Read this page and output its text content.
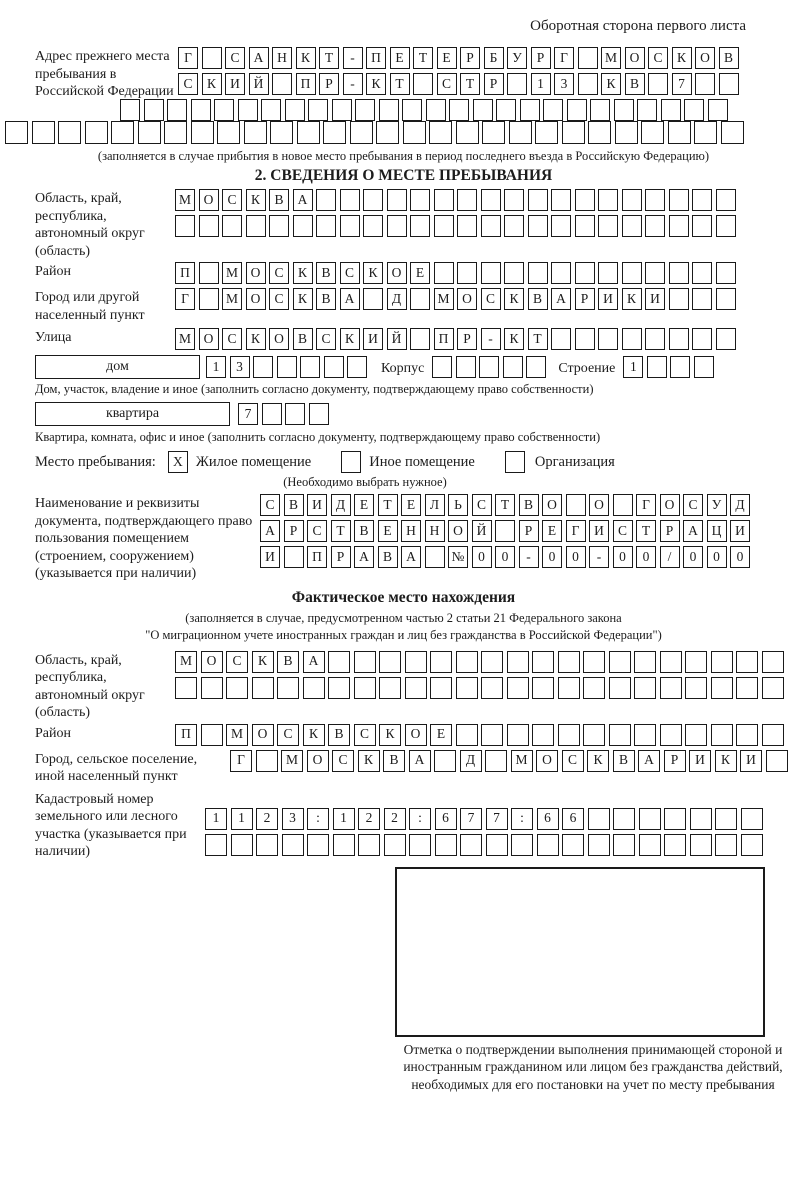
Оборотная сторона первого листа
Адрес прежнего места пребывания в Российской Федерации
Г	С	А	Н	К	Т	-	П	Е	Т	Е	Р	Б	У	Р	Г	М О	С	К	О	В
С	К	И	Й	П	Р	-	К	Т	С	Т	Р	1	3	К	В	7
(заполняется в случае прибытия в новое место пребывания в период последнего въезда в Российскую Федерацию)
2. СВЕДЕНИЯ О МЕСТЕ ПРЕБЫВАНИЯ
Область, край, республика, автономный округ (область)
М О	С	К	В	А
Район	П	М О	С	К	В	С	К	О	Е
Город или другой населенный пункт
Г	М О	С	К	В	А	Д	М О	С	К	В	А	Р	И	К	И
Улица	М О	С	К	О	В	С	К	И	Й	П	Р	-	К	Т
дом	1	3	Корпус	Строение	1
Дом, участок, владение и иное (заполнить согласно документу, подтверждающему право собственности)
квартира	7
Квартира, комната, офис и иное (заполнить согласно документу, подтверждающему право собственности)
Место пребывания:	X Жилое помещение	Иное помещение	Организация
(Необходимо выбрать нужное)
Наименование и реквизиты документа, подтверждающего право пользования помещением (строением, сооружением) (указывается при наличии)
С	В	И	Д	Е	Т	Е	Л	Ь	С	Т	В	О	О	Г	О	С	У	Д
А	Р	С	Т	В	Е	Н	Н	О	Й	Р	Е	Г	И	С	Т	Р	А	Ц	И
И	П	Р	А	В	А	№	0	0	-	0	0	-	0	0	/	0	0	0
Фактическое место нахождения
(заполняется в случае, предусмотренном частью 2 статьи 21 Федерального закона
"О миграционном учете иностранных граждан и лиц без гражданства в Российской Федерации")
Область, край, республика, автономный округ (область)
М	О	С	К	В	А
Район	П	М	О	С	К	В	С	К	О	Е
Город, сельское поселение, иной населенный пункт
Г	М	О	С	К	В	А	Д	М	О	С	К	В	А	Р	И	К	И
Кадастровый номер земельного или лесного участка (указывается при наличии)
1	1	2	3	:	1	2	2	:	6	7	7	:	6	6
Отметка о подтверждении выполнения принимающей стороной и иностранным гражданином или лицом без гражданства действий, необходимых для его постановки на учет по месту пребывания
